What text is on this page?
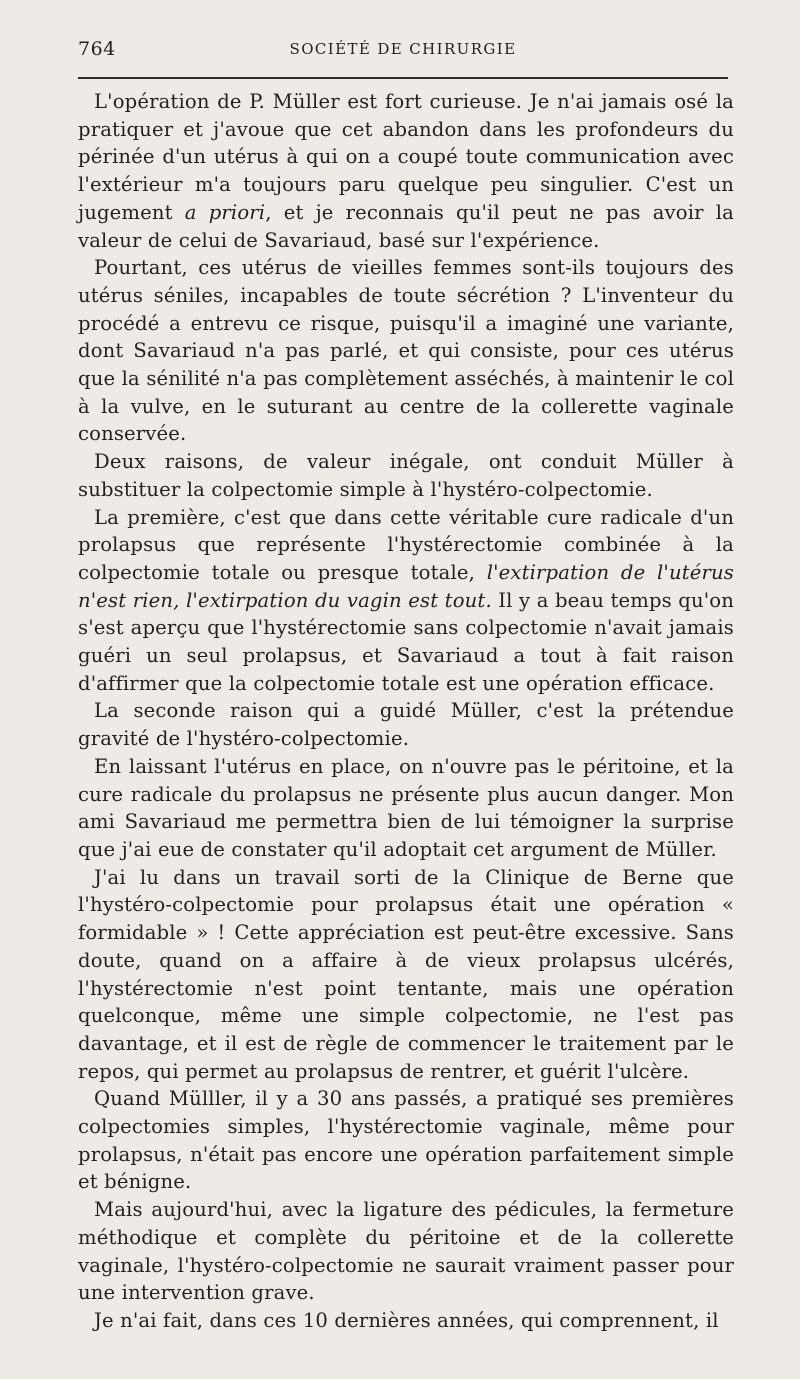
764	SOCIÉTÉ DE CHIRURGIE

L'opération de P. Müller est fort curieuse. Je n'ai jamais osé la pratiquer et j'avoue que cet abandon dans les profondeurs du périnée d'un utérus à qui on a coupé toute communication avec l'extérieur m'a toujours paru quelque peu singulier. C'est un jugement a priori, et je reconnais qu'il peut ne pas avoir la valeur de celui de Savariaud, basé sur l'expérience.

Pourtant, ces utérus de vieilles femmes sont-ils toujours des utérus séniles, incapables de toute sécrétion ? L'inventeur du procédé a entrevu ce risque, puisqu'il a imaginé une variante, dont Savariaud n'a pas parlé, et qui consiste, pour ces utérus que la sénilité n'a pas complètement asséchés, à maintenir le col à la vulve, en le suturant au centre de la collerette vaginale conservée.

Deux raisons, de valeur inégale, ont conduit Müller à substituer la colpectomie simple à l'hystéro-colpectomie.

La première, c'est que dans cette véritable cure radicale d'un prolapsus que représente l'hystérectomie combinée à la colpectomie totale ou presque totale, l'extirpation de l'utérus n'est rien, l'extirpation du vagin est tout. Il y a beau temps qu'on s'est aperçu que l'hystérectomie sans colpectomie n'avait jamais guéri un seul prolapsus, et Savariaud a tout à fait raison d'affirmer que la colpectomie totale est une opération efficace.

La seconde raison qui a guidé Müller, c'est la prétendue gravité de l'hystéro-colpectomie.

En laissant l'utérus en place, on n'ouvre pas le péritoine, et la cure radicale du prolapsus ne présente plus aucun danger. Mon ami Savariaud me permettra bien de lui témoigner la surprise que j'ai eue de constater qu'il adoptait cet argument de Müller.

J'ai lu dans un travail sorti de la Clinique de Berne que l'hystéro-colpectomie pour prolapsus était une opération « formidable » ! Cette appréciation est peut-être excessive. Sans doute, quand on a affaire à de vieux prolapsus ulcérés, l'hystérectomie n'est point tentante, mais une opération quelconque, même une simple colpectomie, ne l'est pas davantage, et il est de règle de commencer le traitement par le repos, qui permet au prolapsus de rentrer, et guérit l'ulcère.

Quand Mülller, il y a 30 ans passés, a pratiqué ses premières colpectomies simples, l'hystérectomie vaginale, même pour prolapsus, n'était pas encore une opération parfaitement simple et bénigne.

Mais aujourd'hui, avec la ligature des pédicules, la fermeture méthodique et complète du péritoine et de la collerette vaginale, l'hystéro-colpectomie ne saurait vraiment passer pour une intervention grave.

Je n'ai fait, dans ces 10 dernières années, qui comprennent, il
